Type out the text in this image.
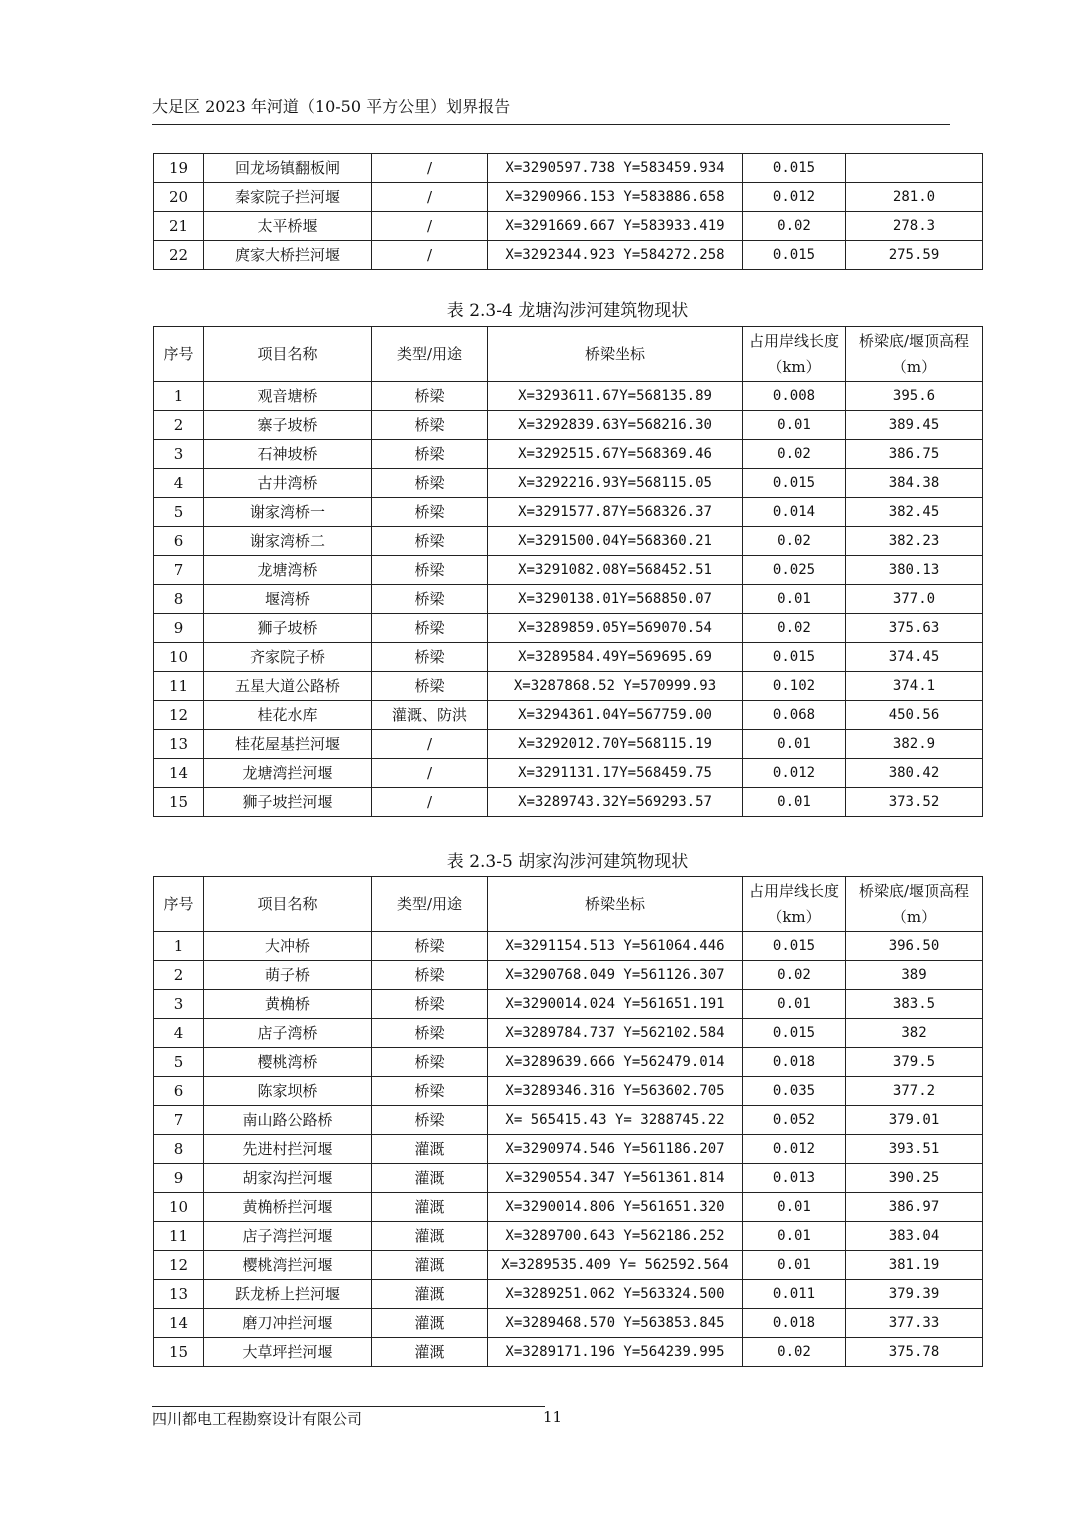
大足区 2023 年河道（10-50 平方公里）划界报告
19	回龙场镇翻板闸	/	X=3290597.738 Y=583459.934	0.015	
20	秦家院子拦河堰	/	X=3290966.153 Y=583886.658	0.012	281.0
21	太平桥堰	/	X=3291669.667 Y=583933.419	0.02	278.3
22	庹家大桥拦河堰	/	X=3292344.923 Y=584272.258	0.015	275.59
表 2.3-4 龙塘沟涉河建筑物现状
序号	项目名称	类型/用途	桥梁坐标	占用岸线长度（km）	桥梁底/堰顶高程（m）
1	观音塘桥	桥梁	X=3293611.67Y=568135.89	0.008	395.6
2	寨子坡桥	桥梁	X=3292839.63Y=568216.30	0.01	389.45
3	石神坡桥	桥梁	X=3292515.67Y=568369.46	0.02	386.75
4	古井湾桥	桥梁	X=3292216.93Y=568115.05	0.015	384.38
5	谢家湾桥一	桥梁	X=3291577.87Y=568326.37	0.014	382.45
6	谢家湾桥二	桥梁	X=3291500.04Y=568360.21	0.02	382.23
7	龙塘湾桥	桥梁	X=3291082.08Y=568452.51	0.025	380.13
8	堰湾桥	桥梁	X=3290138.01Y=568850.07	0.01	377.0
9	狮子坡桥	桥梁	X=3289859.05Y=569070.54	0.02	375.63
10	齐家院子桥	桥梁	X=3289584.49Y=569695.69	0.015	374.45
11	五星大道公路桥	桥梁	X=3287868.52 Y=570999.93	0.102	374.1
12	桂花水库	灌溉、防洪	X=3294361.04Y=567759.00	0.068	450.56
13	桂花屋基拦河堰	/	X=3292012.70Y=568115.19	0.01	382.9
14	龙塘湾拦河堰	/	X=3291131.17Y=568459.75	0.012	380.42
15	狮子坡拦河堰	/	X=3289743.32Y=569293.57	0.01	373.52
表 2.3-5 胡家沟涉河建筑物现状
序号	项目名称	类型/用途	桥梁坐标	占用岸线长度（km）	桥梁底/堰顶高程（m）
1	大冲桥	桥梁	X=3291154.513 Y=561064.446	0.015	396.50
2	萌子桥	桥梁	X=3290768.049 Y=561126.307	0.02	389
3	黄桷桥	桥梁	X=3290014.024 Y=561651.191	0.01	383.5
4	店子湾桥	桥梁	X=3289784.737 Y=562102.584	0.015	382
5	樱桃湾桥	桥梁	X=3289639.666 Y=562479.014	0.018	379.5
6	陈家坝桥	桥梁	X=3289346.316 Y=563602.705	0.035	377.2
7	南山路公路桥	桥梁	X= 565415.43 Y= 3288745.22	0.052	379.01
8	先进村拦河堰	灌溉	X=3290974.546 Y=561186.207	0.012	393.51
9	胡家沟拦河堰	灌溉	X=3290554.347 Y=561361.814	0.013	390.25
10	黄桷桥拦河堰	灌溉	X=3290014.806 Y=561651.320	0.01	386.97
11	店子湾拦河堰	灌溉	X=3289700.643 Y=562186.252	0.01	383.04
12	樱桃湾拦河堰	灌溉	X=3289535.409 Y= 562592.564	0.01	381.19
13	跃龙桥上拦河堰	灌溉	X=3289251.062 Y=563324.500	0.011	379.39
14	磨刀冲拦河堰	灌溉	X=3289468.570 Y=563853.845	0.018	377.33
15	大草坪拦河堰	灌溉	X=3289171.196 Y=564239.995	0.02	375.78
四川都电工程勘察设计有限公司	11
